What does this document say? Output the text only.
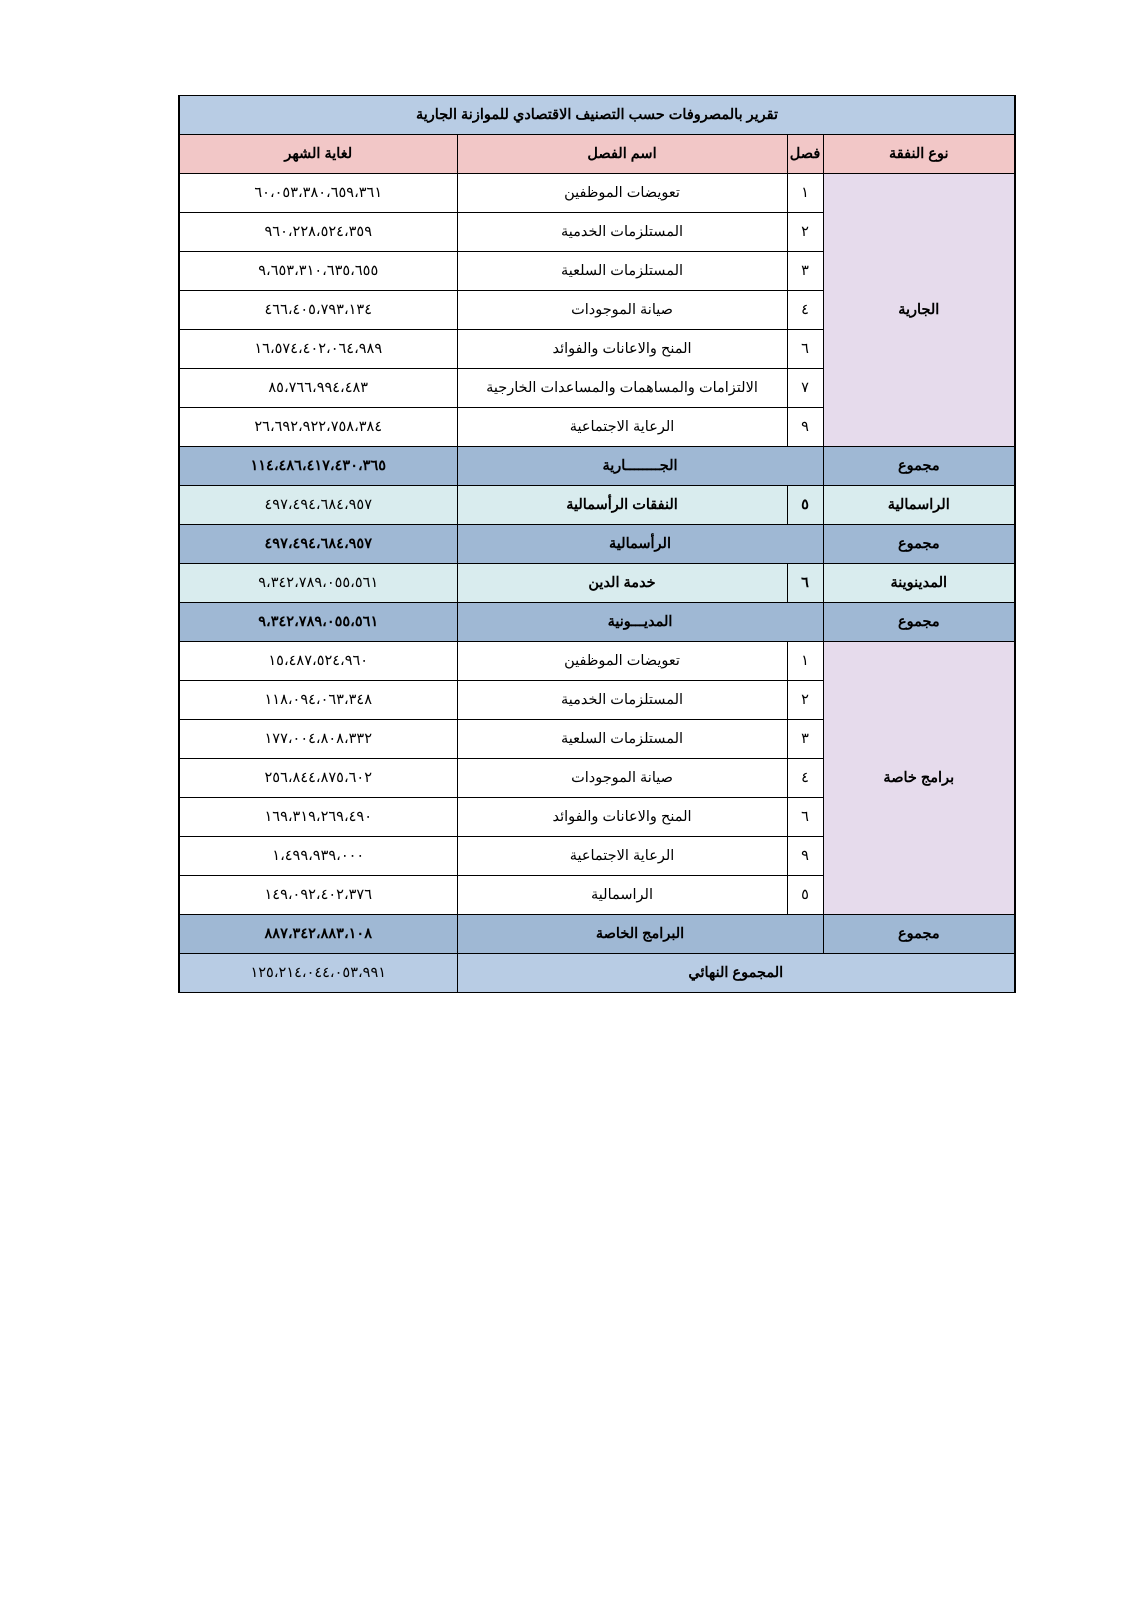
تقرير بالمصروفات حسب التصنيف الاقتصادي للموازنة الجارية			
نوع النفقة	فصل	اسم الفصل	لغاية الشهر
الجارية	١	تعويضات الموظفين	٦٠،٠٥٣،٣٨٠،٦٥٩،٣٦١
	٢	المستلزمات الخدمية	٩٦٠،٢٢٨،٥٢٤،٣٥٩
	٣	المستلزمات السلعية	٩،٦٥٣،٣١٠،٦٣٥،٦٥٥
	٤	صيانة الموجودات	٤٦٦،٤٠٥،٧٩٣،١٣٤
	٦	المنح والاعانات والفوائد	١٦،٥٧٤،٤٠٢،٠٦٤،٩٨٩
	٧	الالتزامات والمساهمات والمساعدات الخارجية	٨٥،٧٦٦،٩٩٤،٤٨٣
	٩	الرعاية الاجتماعية	٢٦،٦٩٢،٩٢٢،٧٥٨،٣٨٤
مجموع	الجــــــــارية		١١٤،٤٨٦،٤١٧،٤٣٠،٣٦٥
الراسمالية	٥	النفقات الرأسمالية	٤٩٧،٤٩٤،٦٨٤،٩٥٧
مجموع	الرأسمالية		٤٩٧،٤٩٤،٦٨٤،٩٥٧
المدينوينة	٦	خدمة الدين	٩،٣٤٢،٧٨٩،٠٥٥،٥٦١
مجموع	المديـــونية		٩،٣٤٢،٧٨٩،٠٥٥،٥٦١
برامج خاصة	١	تعويضات الموظفين	١٥،٤٨٧،٥٢٤،٩٦٠
	٢	المستلزمات الخدمية	١١٨،٠٩٤،٠٦٣،٣٤٨
	٣	المستلزمات السلعية	١٧٧،٠٠٤،٨٠٨،٣٣٢
	٤	صيانة الموجودات	٢٥٦،٨٤٤،٨٧٥،٦٠٢
	٦	المنح والاعانات والفوائد	١٦٩،٣١٩،٢٦٩،٤٩٠
	٩	الرعاية الاجتماعية	١،٤٩٩،٩٣٩،٠٠٠
	٥	الراسمالية	١٤٩،٠٩٢،٤٠٢،٣٧٦
مجموع	البرامج الخاصة		٨٨٧،٣٤٢،٨٨٣،١٠٨
المجموع النهائي			١٢٥،٢١٤،٠٤٤،٠٥٣،٩٩١
